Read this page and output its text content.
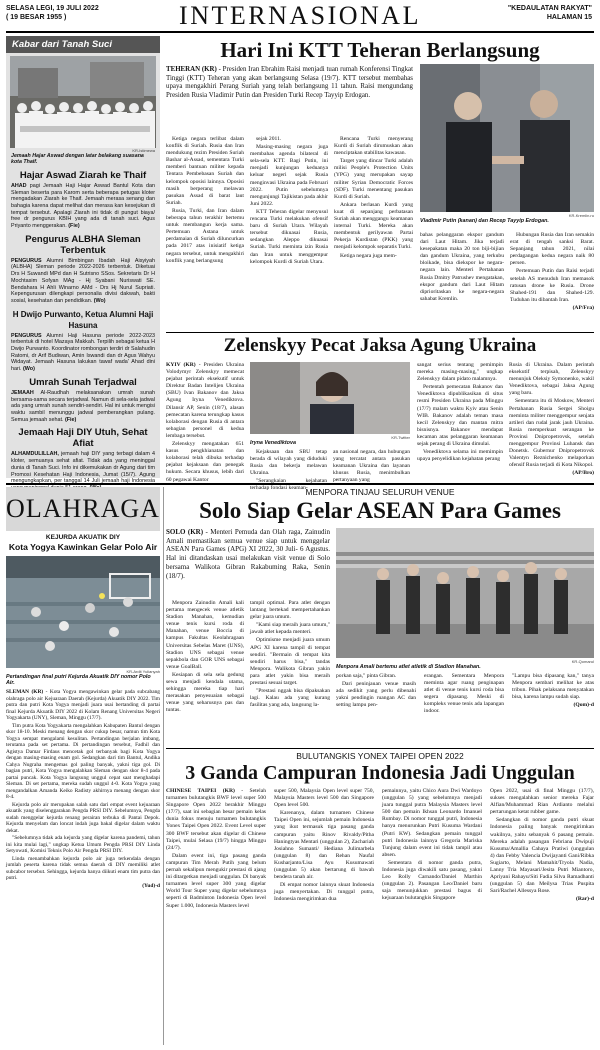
SELASA LEGI, 19 JULI 2022
( 19 BESAR 1955 )	INTERNASIONAL	"KEDAULATAN RAKYAT"
HALAMAN 15
Kabar dari Tanah Suci
KR-Istimewa
Jemaah Hajar Aswad dengan latar belakang suasana kota Thaif.
Hajar Aswad Ziarah ke Thaif
AHAD pagi Jemaah Haji Hajar Aswad Bantul Kota dan Sleman beserta para Karom serta beberapa petugas kloter mengadakan Ziarah ke Thaif. Jemaah merasa senang dan bahagia karena dapat melihat dan merasa kan kesejukan di tempat tersebut. Apalagi Ziarah ini tidak di pungut biaya/ free dr pengurus KBIH yang ada di tanah suci. Agus Priyanto menggerakan. (Fie)
Pengurus ALBHA Sleman Terbentuk
PENGURUS Alumni Bimbingan Ibadah Haji Aisyiyah (ALBHA) Sleman periode 2022-2026 terbentuk. Diketuai Drs H Suwandi MPd dan H Sutrisno SSos. Sekretaris Dr H Mochtasim Sofyan MAg - Hj Syabani Nuriswati SE. Bendahara H Ahli Winarno AMd - Drs Hj Nurul Supriati. Kepengurusan dilengkapi personalia divisi dakwah, bakti sosial, kesehatan dan pendidikan. (Wo)
H Dwijo Purwanto, Ketua Alumni Haji Hasuna
PENGURUS Alumni Haji Hasuna periode 2022-2023 terbentuk di hotel Mazaya Makkah. Terpilih sebagai ketua H Dwijo Purwanto. Koordinator rombongan terdiri dr Salahudin Ratomi, dr Arif Budiwan, Amin Iswandi dan dr Agus Wahyu Widayat. Jemaah Hasuna lakukan tawaf wada' Ahad dini hari. (Wo)
Umrah Sunah Terjadwal
JEMAAH Al-Raudhah melaksanakan umrah sunah bersama-sama secara terjadwal. Namun di sela-sela jadwal ada yang umrah sunah sendiri-sendiri. Hal ini untuk mengisi waktu sambil menunggu jadwal pemberangkan pulang. Semua jemaah sehat. (Fie)
Jemaah Haji DIY Utuh, Sehat Afiat
ALHAMDULILLAH, jemaah haji DIY yang terbagi dalam 4 kloter, semuanya sehat afiat. Tidak ada yang meninggal dunia di Tanah Suci. Info ini dikemukakan dr Agung dari tim Promosi Kesehatan Haji Indonesia, Jumat (15/7). Agung mengungkapkan, per tanggal 14 Juli jemaah haji Indonesia
Hari Ini KTT Teheran Berlangsung
TEHERAN (KR) - Presiden Iran Ebrahim Raisi menjadi tuan rumah Konferensi Tingkat Tinggi (KTT) Teheran yang akan berlangsung Selasa (19/7). KTT tersebut membahas upaya mengakhiri Perang Suriah yang telah berlangsung 11 tahun. Raisi mengundang Presiden Rusia Vladimir Putin dan Presiden Turki Recep Tayyip Erdogan.

Ketiga negara terlibat dalam konflik di Suriah. Rusia dan Iran mendukung rezim Presiden Suriah Bashar al-Assad, sementara Turki memberi bantuan militer kepada Tentara Pembebasan Suriah dan kelompok oposisi lainnya. Oposisi masih berperang melawan pasukan Assad di barat laut Suriah.

Rusia, Turki, dan Iran dalam beberapa tahun terakhir bertemu untuk membangun kerja sama. Pertemuan Astana untuk perdamaian di Suriah diluncurkan pada 2017 atas inisiatif ketiga negara tersebut, untuk mengakhiri konflik yang berlangsung

sejak 2011.

Masing-masing negara juga membahas agenda bilateral di sela-sela KTT. Bagi Putin, ini menjadi kunjungan keduanya keluar negeri sejak Rusia menginvasi Ukraina pada Februari 2022. Putin sebelumnya mengunjungi Tajikistan pada akhir Juni 2022.

KTT Teheran digelar menyusul rencana Turki melakukan ofensif baru di Suriah Utara. Wilayah tersebut dikuasai Rusia, sedangkan Aleppo dikuasai Suriah. Turki meminta izin Rusia dan Iran untuk menggempur kelompok Kurdi di Suriah Utara.

Rencana Turki menyerang Kurdi di Suriah dirumuskan akan menciptakan stabilitas kawasan.

Target yang dincar Turki adalah milisi People's Protection Units (YPG) yang merupakan sayap militer Syrian Democratic Forces (SDF). Turki menentang pasukan Kurdi di Suriah.

Ankara berlasan Kurdi yang kuat di sepanjang perbatasan Suriah akan menggangu keamanan internal Turki. Mereka akan membentuk gerilyawan Partai Pekerja Kurdistan (PKK) yang menjadi kelompok separatis Turki.

Ketiga negara juga mem-

KR-Kremlin.ru
Vladimir Putin (kanan) dan Recep Tayyip Erdogan.

bahas pelanggaran ekspor gandum dari Laut Hitam. Jika terjadi kesepakatan maka 20 ton biji-bijian dan gandum Ukraina, yang terkubu bloikade, bisa diekspor ke negara-negara lain. Menteri Pertahanan Rusia Dmitry Patrushev mengatakan, ekspor gandum dari Laut Hitam diprioritaskan ke negara-negara sahabat Kremlin.

Hubungan Rusia dan Iran semakin erat di tengah sanksi Barat. Sepanjang tahun 2021, nilai perdagangan kedua negara naik 80 persen.

Pertemuan Putin dan Raisi terjadi setelah AS menuduh Iran memasok ratusan drone ke Rusia. Drone Shahed-191 dan Shahed-129. Tuduhan itu dibantah Iran.

(AP/Fra)
Zelenskyy Pecat Jaksa Agung Ukraina

KYIV (KR) - Presiden Ukraina Volodymyr Zelenskyy memecat pejabat perintah eksekutif untuk Direktur Badan Intelijen Ukraina (SBU) Ivan Bakanov dan Jaksa Agung Iryna Venediktova. Dilansir AP, Senin (18/7), alasan pemecatan karena terungkap kasus kolaborasi dengan Rusia di antara sebagian personel di kedua lembaga tersebut.

Zelenskyy mengatakan 651 kasus pengkhianatan dan kolaborasi telah dibuka terhadap pejabat kejaksaan dan penegak hukum. Secara khusus, lebih dari 60 pegawai Kantor

KR-Twitter
Iryna Venediktova

Kejaksaan dan SBU tetap berada di wilayah yang diduduki Rusia dan bekerja melawan Ukraina.

"Serangkaian kejahatan terhadap fondasi keaman-

an nasional negara, dan hubungan yang tercatat antara pasukan keamanan Ukraina dan layanan khusus Rusia, menimbulkan pertanyaan yang

sangat serius tentang pemimpin mereka masing-masing," ungkap Zelenskyy dalam pidato malamnya.

Pertentah pemecatan Bakanov dan Venediktova dipublikasikan di situs resmi Presiden Ukraina pada Minggu (17/7) malam waktu Kyiv atau Senin WIB. Bakanov adalah teman masa kecil Zelenskyy dan mantan mitra bisnisnya. Bakanov mendapat kecaman atas pelanggaran keamanan sejak perang di Ukraina dimulai.

Venediktova selama ini memimpin upaya penyelidikan kejahatan perang

Rusia di Ukraina. Dalam perintah eksekutif terpisah, Zelenskyy menunjuk Oleksiy Symonenko, wakil Venediktova, sebagai Jaksa Agung yang baru.

Sementara itu di Moskow, Menteri Pertahanan Rusia Sergei Shoigu meminta militer menggempur senjata artileri dan rudal jarak jauh Ukraina. Rusia memperkuat serangan ke Provinsi Dnipropetrovsk, setelah menggempur Provinsi Luhansk dan Donetsk. Gubernur Dnipropetrovsk Valentyn Reznichenko melaporkan ofensif Rusia terjadi di Kota Nikopol.

(AP/Bro)
OLAHRAGA
KEJURDA AKUATIK DIY
Kota Yogya Kawinkan Gelar Polo Air
KR-Ardit Yulianyah
Pertandingan final putri Kejurda Akuatik DIY nomor Polo Air.

SLEMAN (KR) - Kota Yogya mengawinkan gelar pada subcabang olahraga polo air Kejuaraan Daerah (Kejurda) Akuatik DIY 2022. Tim putra dan putri Kota Yogya menjadi juara usai bertanding di partai final Kejurda Akuatik DIY 2022 di Kolam Renang Universitas Negeri Yogyakarta (UNY), Sleman, Minggu (17/7).

Tim putra Kota Yogyakarta mengalahkan Kabupaten Bantul dengan skor 18-10. Meski menang dengan skor cukup besar, namun tim Kota Yogya sempat mengalami kesulitan. Pertandingan berjalan imbang, terutama pada set pertama. Di pertandingan tersebut, Fadhil dan Agistya Damar Firdaus mencetak gol terbanyak bagi Kota Yogya dengan masing-masing enam gol. Sedangkan dari tim Bantul, Andika Cahya Nugraha mengemas gol paling banyak, yakni tiga gol. Di bagian putri, Kota Yogya mengalahkan Sleman dengan skor 8-4 pada partai puncak. Kota Yogya langsung unggul cepat saat menghadapi Sleman. Di set pertama, mereka sudah unggul 4-0. Kota Yogya yang mengandalkan Amanda Keiko Radisty akhirnya menang dengan skor 8-4.

Kejurda polo air merupakan salah satu dari empat event kejuaraan akuatik yang diselenggarakan Pengda PRSI DIY. Sebelumnya, Pengda sudah menggelar kejurda renang perairan terbuka di Pantai Depok. Kejurda menyelam dan loncat indah juga bakal digelar dalam waktu dekat.

"Sebelumnya tidak ada kejurda yang digelar karena pandemi, tahun ini kita mulai lagi," ungkap Ketua Umum Pengda PRSI DIY Linda Setyowati, Komisi Teknis Polo Air Pengda PRSI DIY.

Linda menambahkan kejurda polo air juga terkendala dengan jumlah peserta karena tidak semua daerah di DIY memiliki atlet subcabor tersebut. Sehingga, kejurda hanya diikuti enam tim putra dan putri.

(Yud)-d
MENPORA TINJAU SELURUH VENUE
Solo Siap Gelar ASEAN Para Games
SOLO (KR) - Menteri Pemuda dan Olah raga, Zainudin Amali memastikan semua venue siap untuk menggelar ASEAN Para Games (APG) XI 2022, 30 Juli- 6 Agustus. Hal ini ditandaskan usai melakukan visit venue di Solo bersama Walikota Gibran Rakabuming Raka, Senin (18/7).

Menpora Zainudin Amali kali pertama mengecek venue atletik Stadion Manahan, kemudian venue tenis kursi roda di Manahan, venue Boccia di kampus Fakultas Keolahragaan Universitas Sebelas Maret (UNS), Stadion UNS sebagai venue sepakbola dan GOR UNS sebagai venue GoalBall.

Kesiapan di sela sela gedung sewa menjadi kendala utama, sehingga mereka tiap hari merasakan penyesuaian sebagai venue yang seharusnya pas dan tuntas.

tampil optimal. Para atlet dengan lantang bertekad mempertahankan gelar juara umum.

"Kami siap meraih juara umum," jawab atlet kepada menteri.

Optimisme menjadi juara umum APG XI karena tampil di tempat sendiri. "Bermain di tempat kita sendiri harus bisa," tandas Menpora. Walikota Gibran yakin para atlet yakin bisa meraih prestasi sesuai target.

"Prestasi nggak bisa dipaksakan lagi. Kalau ada yang kurang fasilitas yang ada, langsung la-

KR-Qomarul
Menpora Amali bertemu atlet atletik di Stadion Manahan.

porkan saja," pinta Gibran.

Dari peninjauan venue masih ada sedikit yang perlu dibenahi yakni pendingin ruangan AC dan setting lampu pen-

erangan. Sementara Menpora meminta agar ruang penginapan atlet di venue tenis kursi roda bisa segera dipasang. Meski di kompleks venue tenis ada lapangan indoor.

"Lampu bisa dipasang kan," tanya Menpora sembari melihat ke atas tribun. Pihak pelaksana menyatakan bisa, karena lampu sudah siap.

(Qom)-d
BULUTANGKIS YONEX TAIPEI OPEN 2022
3 Ganda Campuran Indonesia Jadi Unggulan

CHINESE TAIPEI (KR) - Setelah turnamen bulutangkis BWF level super 500 Singapore Open 2022 berakhir Minggu (17/7), saat ini sebagian besar pemain kelas dunia fokus menuju turnamen bulutangkis Yonex Taipei Open 2022. Event Level super 300 BWF tersebut akan digelar di Chinese Taipei, mulai Selasa (19/7) hingga Minggu (24/7).

Dalam event ini, tiga pasang ganda campuran Tim Merah Putih yang belum pernah sekalipun mengukir prestasi di ajang ini ditargetkan menjadi unggulan. Di banyak turnamen level super 300 yang digelar World Tour Super yang digelar sebelumnya seperti di Badminton Indonesia Open level Super 1.000, Indonesia Masters level

super 500, Malaysia Open level super 750, Malaysia Masters level 500 dan Singapore Open level 500.

Karenanya, dalam turnamen Chinese Taipei Open ini, sejumlah pemain Indonesia yang ikut termasuk tiga pasang ganda campuran yaitu Rinov Rivaldy/Pitha Haningtyas Mentari (unggulan 2), Zachariah Josiahno Sumanti/ Hediana Julimarbela (unggulan 8) dan Rehan Naufal Kusharjanto/Lisa Ayu Kusumawati (unggulan 5) akan bertarung di bawah bendera tanah air.

Di empat nomor lainnya skuat Indonesia juga menyertakan. Di tunggal putra, Indonesia mengirimkan dua

pemainnya, yaitu Chico Aura Dwi Wardoyo (unggulan 5) yang sebelumnya menjadi juara tunggal putra Malaysia Masters level 500 dan pemain Ikhsan Leonardo Imanuel Rumbay. Di nomor tunggal putri, Indonesia hanya menurunkan Putri Kusuma Wardani (Putri KW). Sedangkan pemain tunggal putri Indonesia lainnya Gregoria Mariska Tunjung dalam event ini tidak tampil atau absen.

Sementara di nomor ganda putra, Indonesia juga diwakili satu pasang, yakni Leo Rolly Carnando/Daniel Marthin (unggulan 2). Pasangan Leo/Daniel baru saja menunjukkan prestasi bagus di kejuaraan bulutangkis Singapore

Open 2022, usai di final Minggu (17/7), sukses mengalahkan senior mereka Fajar Alfian/Muhammad Rian Ardianto melalui pertarungan ketat rubber game.

Sedangkan di nomor ganda putri skuat Indonesia paling banyak mengirimkan wakilnya, yaitu sebanyak 6 pasang pemain. Mereka adalah pasangan Febriana Dwipuji Kusuma/Amallia Cahaya Pratiwi (unggulan 4) dan Febby Valencia Dwijayanti Gani/Ribka Sugiarto, Melani Mamahit/Tryola Nadia, Lanny Tria Mayasari/Jesita Putri Miantoro, Apriyani Rahayu/Siti Fadia Silva Ramadhanti (unggulan 5) dan Meilysa Trias Puspita Sari/Rachel Allessya Rose.

(Rar)-d
